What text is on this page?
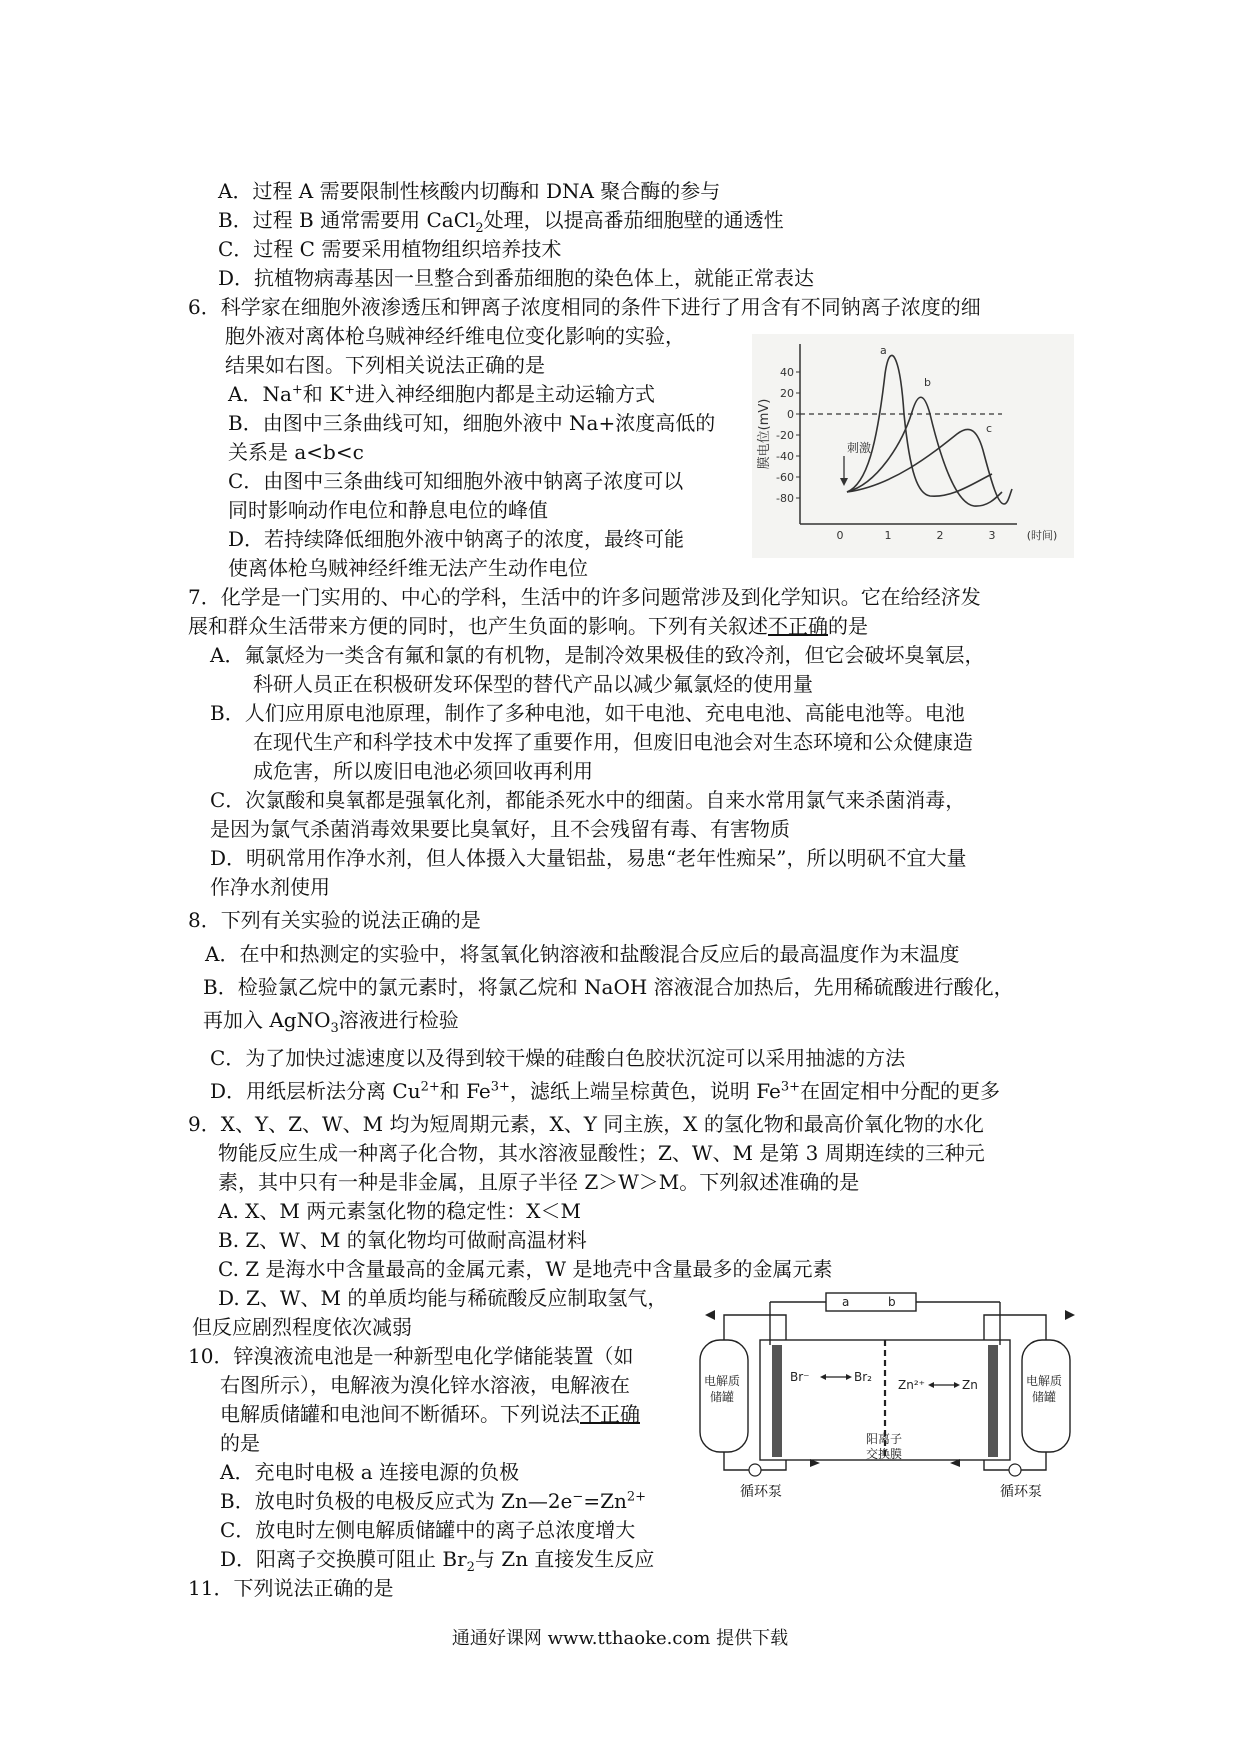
A．过程 A 需要限制性核酸内切酶和 DNA 聚合酶的参与
B．过程 B 通常需要用 CaCl$_2$处理，以提高番茄细胞壁的通透性
C．过程 C 需要采用植物组织培养技术
D．抗植物病毒基因一旦整合到番茄细胞的染色体上，就能正常表达
6．科学家在细胞外液渗透压和钾离子浓度相同的条件下进行了用含有不同钠离子浓度的细
胞外液对离体枪乌贼神经纤维电位变化影响的实验，
结果如右图。下列相关说法正确的是
A．Na+和 K+进入神经细胞内都是主动运输方式
B．由图中三条曲线可知，细胞外液中 Na+浓度高低的
关系是 a<b<c
C．由图中三条曲线可知细胞外液中钠离子浓度可以
同时影响动作电位和静息电位的峰值
D．若持续降低细胞外液中钠离子的浓度，最终可能
使离体枪乌贼神经纤维无法产生动作电位
40
20
0
-20
-40
-60
-80
膜电位(mV)
0	1	2	3	(时间)
刺激
a
b
c
7．化学是一门实用的、中心的学科，生活中的许多问题常涉及到化学知识。它在给经济发
展和群众生活带来方便的同时，也产生负面的影响。下列有关叙述不正确的是
A．氟氯烃为一类含有氟和氯的有机物，是制冷效果极佳的致冷剂，但它会破坏臭氧层，
科研人员正在积极研发环保型的替代产品以减少氟氯烃的使用量
B．人们应用原电池原理，制作了多种电池，如干电池、充电电池、高能电池等。电池
在现代生产和科学技术中发挥了重要作用，但废旧电池会对生态环境和公众健康造
成危害，所以废旧电池必须回收再利用
C．次氯酸和臭氧都是强氧化剂，都能杀死水中的细菌。自来水常用氯气来杀菌消毒，
是因为氯气杀菌消毒效果要比臭氧好，且不会残留有毒、有害物质
D．明矾常用作净水剂，但人体摄入大量铝盐，易患“老年性痴呆”，所以明矾不宜大量
作净水剂使用
8．下列有关实验的说法正确的是
A．在中和热测定的实验中，将氢氧化钠溶液和盐酸混合反应后的最高温度作为末温度
B．检验氯乙烷中的氯元素时，将氯乙烷和 NaOH 溶液混合加热后，先用稀硫酸进行酸化，
再加入 AgNO$_3$溶液进行检验
C．为了加快过滤速度以及得到较干燥的硅酸白色胶状沉淀可以采用抽滤的方法
D．用纸层析法分离 $Cu^{2+}$和 $Fe^{3+}$，滤纸上端呈棕黄色，说明 $Fe^{3+}$在固定相中分配的更多
9．X、Y、Z、W、M 均为短周期元素，X、Y 同主族，X 的氢化物和最高价氧化物的水化
物能反应生成一种离子化合物，其水溶液显酸性；Z、W、M 是第 3 周期连续的三种元
素，其中只有一种是非金属，且原子半径 Z＞W＞M。下列叙述准确的是
A. X、M 两元素氢化物的稳定性：X＜M
B. Z、W、M 的氧化物均可做耐高温材料
C. Z 是海水中含量最高的金属元素，W 是地壳中含量最多的金属元素
D. Z、W、M 的单质均能与稀硫酸反应制取氢气，
但反应剧烈程度依次减弱
10．锌溴液流电池是一种新型电化学储能装置（如
右图所示），电解液为溴化锌水溶液，电解液在
电解质储罐和电池间不断循环。下列说法不正确
的是
A．充电时电极 a 连接电源的负极
B．放电时负极的电极反应式为 $Zn—2e^-=Zn^{2+}$
C．放电时左侧电解质储罐中的离子总浓度增大
D．阳离子交换膜可阻止 $Br_2$与 Zn 直接发生反应
a	b
电解质
储罐
电解质
储罐
Br⁻	Br₂
Zn²⁺	Zn
阳离子
交换膜
循环泵	循环泵
11．下列说法正确的是
通通好课网 www.tthaoke.com 提供下载
